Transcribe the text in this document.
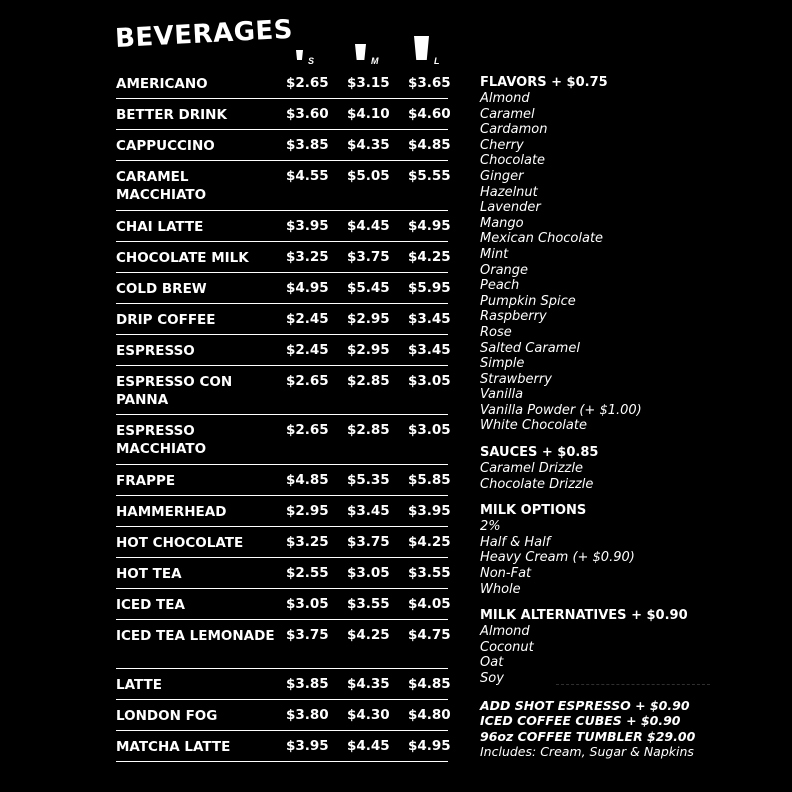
BEVERAGES
S	M	L
AMERICANO	$2.65 $3.15 $3.65
BETTER DRINK	$3.60 $4.10 $4.60
CAPPUCCINO	$3.85 $4.35 $4.85
CARAMEL MACCHIATO
$4.55 $5.05 $5.55
CHAI LATTE	$3.95 $4.45 $4.95
CHOCOLATE MILK	$3.25 $3.75 $4.25
COLD BREW	$4.95 $5.45 $5.95
DRIP COFFEE	$2.45 $2.95 $3.45
ESPRESSO	$2.45 $2.95 $3.45
ESPRESSO CON PANNA
$2.65 $2.85 $3.05
ESPRESSO MACCHIATO
$2.65 $2.85 $3.05
FRAPPE	$4.85 $5.35 $5.85
HAMMERHEAD	$2.95 $3.45 $3.95
HOT CHOCOLATE	$3.25 $3.75 $4.25
HOT TEA	$2.55 $3.05 $3.55
ICED TEA	$3.05 $3.55 $4.05
ICED TEA LEMONADE $3.75 $4.25 $4.75
LATTE	$3.85 $4.35 $4.85
LONDON FOG	$3.80 $4.30 $4.80
MATCHA LATTE	$3.95 $4.45 $4.95
FLAVORS + $0.75
Almond
Caramel
Cardamon
Cherry
Chocolate
Ginger
Hazelnut
Lavender
Mango
Mexican Chocolate
Mint
Orange
Peach
Pumpkin Spice
Raspberry
Rose
Salted Caramel
Simple
Strawberry
Vanilla
Vanilla Powder (+ $1.00)
White Chocolate
SAUCES + $0.85
Caramel Drizzle
Chocolate Drizzle
MILK OPTIONS
2%
Half & Half
Heavy Cream (+ $0.90)
Non-Fat
Whole
MILK ALTERNATIVES + $0.90
Almond
Coconut
Oat
Soy
ADD SHOT ESPRESSO + $0.90
ICED COFFEE CUBES + $0.90
96oz COFFEE TUMBLER $29.00
Includes: Cream, Sugar & Napkins
